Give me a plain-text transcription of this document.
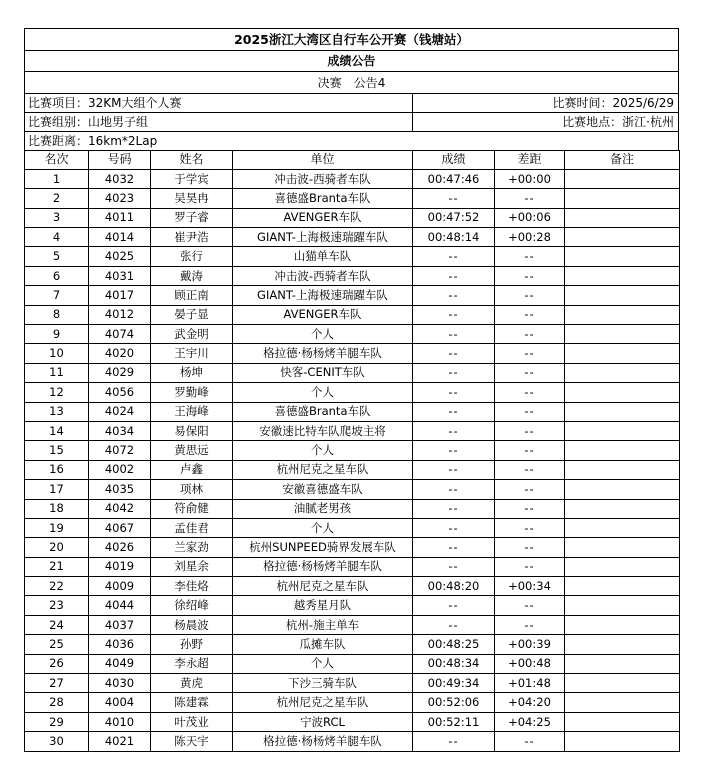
2025浙江大湾区自行车公开赛（钱塘站）
成绩公告
决赛 公告4
比赛项目：32KM大组个人赛	比赛时间：2025/6/29
比赛组别：山地男子组	比赛地点：浙江·杭州
比赛距离：16km*2Lap
名次	号码	姓名	单位	成绩	差距	备注
1	4032	于学宾	冲击波-西骑者车队	00:47:46	+00:00	
2	4023	吴昊冉	喜德盛Branta车队	--	--	
3	4011	罗子睿	AVENGER车队	00:47:52	+00:06	
4	4014	崔尹浩	GIANT-上海极速瑞躍车队	00:48:14	+00:28	
5	4025	张行	山猫单车队	--	--	
6	4031	戴涛	冲击波-西骑者车队	--	--	
7	4017	顾正南	GIANT-上海极速瑞躍车队	--	--	
8	4012	晏子显	AVENGER车队	--	--	
9	4074	武金明	个人	--	--	
10	4020	王宇川	格拉德·杨杨烤羊腿车队	--	--	
11	4029	杨坤	快客-CENIT车队	--	--	
12	4056	罗勤峰	个人	--	--	
13	4024	王海峰	喜德盛Branta车队	--	--	
14	4034	易保阳	安徽速比特车队爬坡主将	--	--	
15	4072	黄思远	个人	--	--	
16	4002	卢鑫	杭州尼克之星车队	--	--	
17	4035	项林	安徽喜德盛车队	--	--	
18	4042	符俞健	油腻老男孩	--	--	
19	4067	孟佳君	个人	--	--	
20	4026	兰家劲	杭州SUNPEED骑界发展车队	--	--	
21	4019	刘星余	格拉德·杨杨烤羊腿车队	--	--	
22	4009	李佳烙	杭州尼克之星车队	00:48:20	+00:34	
23	4044	徐绍峰	越秀星月队	--	--	
24	4037	杨晨波	杭州-施主单车	--	--	
25	4036	孙野	瓜摊车队	00:48:25	+00:39	
26	4049	李永超	个人	00:48:34	+00:48	
27	4030	黄虎	下沙三骑车队	00:49:34	+01:48	
28	4004	陈建霖	杭州尼克之星车队	00:52:06	+04:20	
29	4010	叶茂业	宁波RCL	00:52:11	+04:25	
30	4021	陈天宇	格拉德·杨杨烤羊腿车队	--	--	
